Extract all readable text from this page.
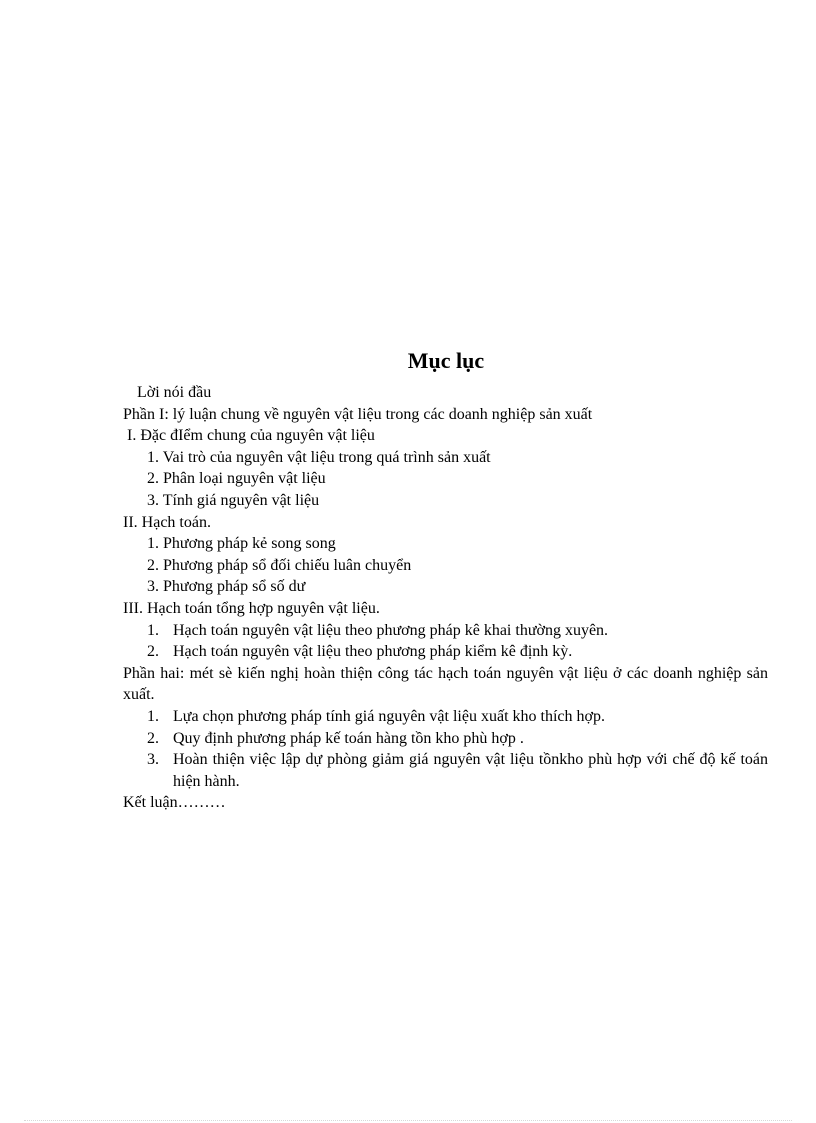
Mục lục
Lời nói đầu
Phần I: lý luận chung về nguyên vật liệu trong các doanh nghiệp sản xuất
I. Đặc đIểm chung của nguyên vật liệu
1. Vai trò của nguyên vật liệu trong quá trình sản xuất
2. Phân loại nguyên vật liệu
3. Tính giá nguyên vật liệu
II. Hạch toán.
1. Phương pháp kẻ song song
2. Phương pháp sổ đối chiếu luân chuyển
3. Phương pháp sổ số dư
III. Hạch toán tổng hợp nguyên vật liệu.
1. Hạch toán nguyên vật liệu theo phương pháp kê khai thường xuyên.
2. Hạch toán nguyên vật liệu theo phương pháp kiểm kê định kỳ.
Phần hai: mét sè kiến nghị hoàn thiện công tác hạch toán nguyên vật liệu ở các doanh nghiệp sản xuất.
1. Lựa chọn phương pháp tính giá nguyên vật liệu xuất kho thích hợp.
2. Quy định phương pháp kế toán hàng tồn kho phù hợp .
3. Hoàn thiện việc lập dự phòng giảm giá nguyên vật liệu tồnkho phù hợp với chế độ kế toán hiện hành.
Kết luận………
